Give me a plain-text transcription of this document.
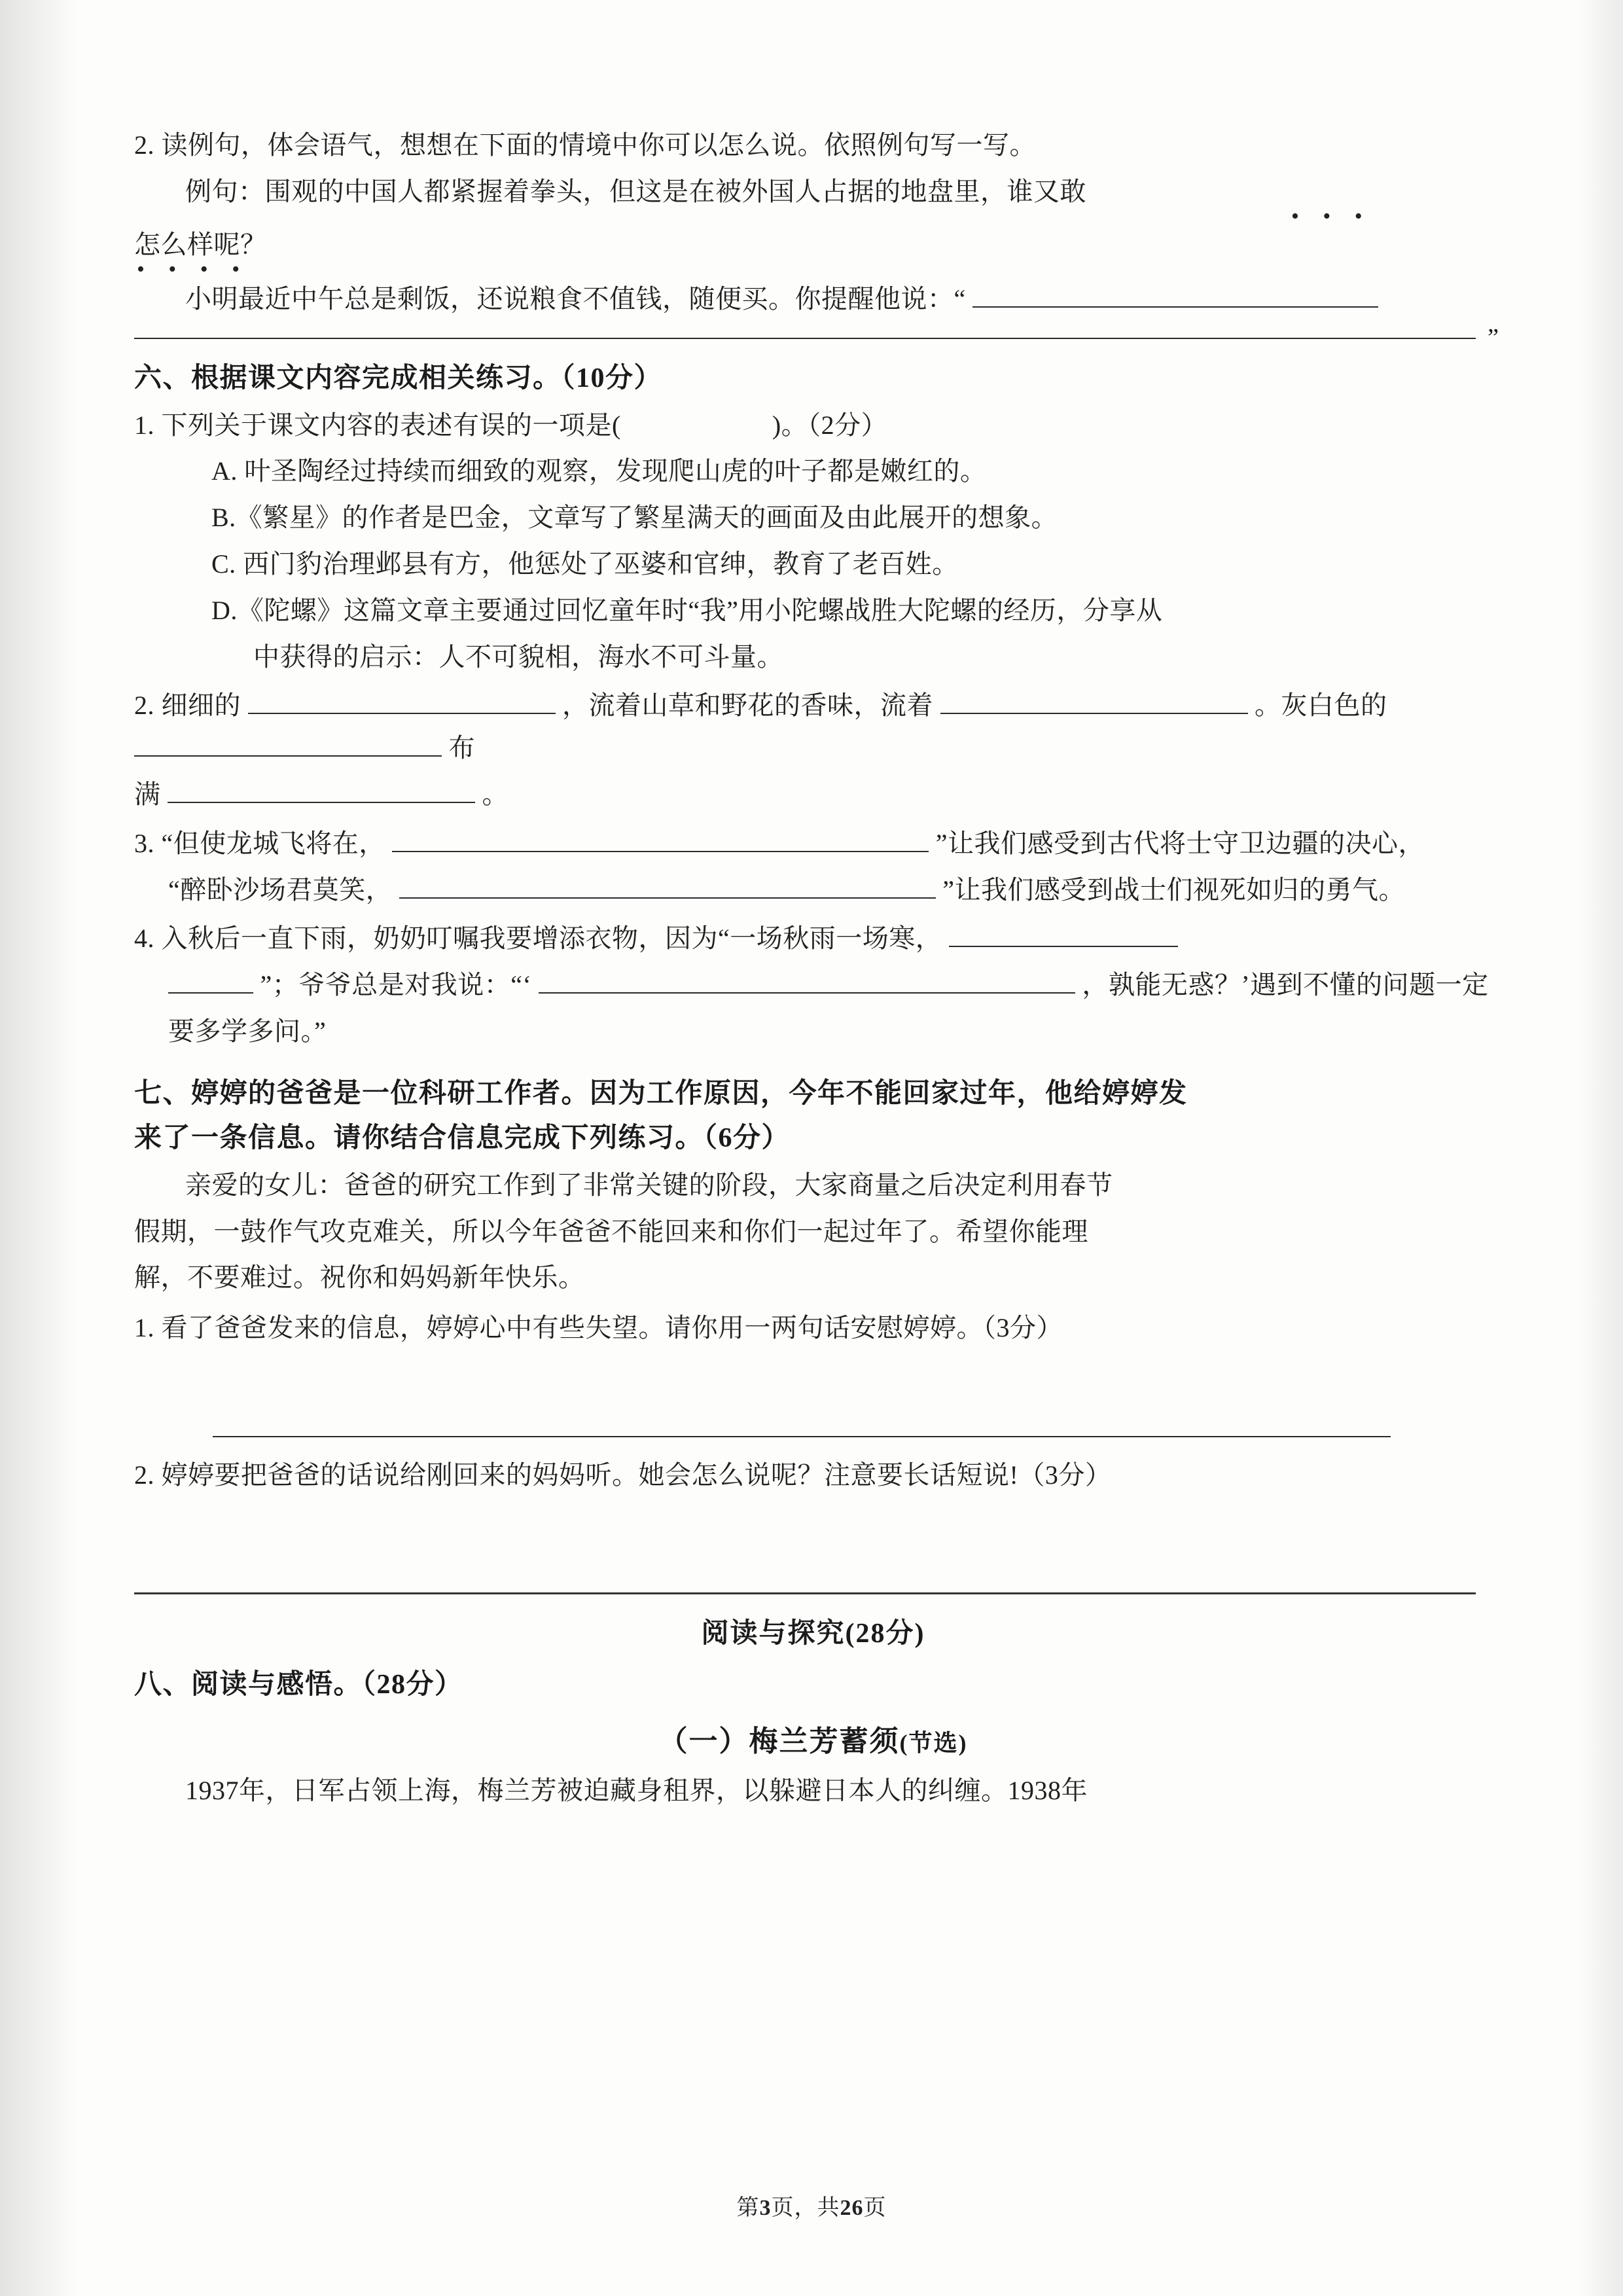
2. 读例句，体会语气，想想在下面的情境中你可以怎么说。依照例句写一写。
例句：围观的中国人都紧握着拳头，但这是在被外国人占据的地盘里，谁又敢
• • •
怎么样呢？
• • • •
小明最近中午总是剩饭，还说粮食不值钱，随便买。你提醒他说：“
”
六、根据课文内容完成相关练习。（10分）
1. 下列关于课文内容的表述有误的一项是(	)。（2分）
A. 叶圣陶经过持续而细致的观察，发现爬山虎的叶子都是嫩红的。
B.《繁星》的作者是巴金，文章写了繁星满天的画面及由此展开的想象。
C. 西门豹治理邺县有方，他惩处了巫婆和官绅，教育了老百姓。
D.《陀螺》这篇文章主要通过回忆童年时“我”用小陀螺战胜大陀螺的经历，分享从
中获得的启示：人不可貌相，海水不可斗量。
2. 细细的	，流着山草和野花的香味，流着	。灰白色的  布
满	。
3. “但使龙城飞将在，	”让我们感受到古代将士守卫边疆的决心，
“醉卧沙场君莫笑，	”让我们感受到战士们视死如归的勇气。
4. 入秋后一直下雨，奶奶叮嘱我要增添衣物，因为“一场秋雨一场寒，
”；爷爷总是对我说：“‘	，孰能无惑？’遇到不懂的问题一定
要多学多问。”
七、婷婷的爸爸是一位科研工作者。因为工作原因，今年不能回家过年，他给婷婷发
来了一条信息。请你结合信息完成下列练习。（6分）
亲爱的女儿：爸爸的研究工作到了非常关键的阶段，大家商量之后决定利用春节
假期，一鼓作气攻克难关，所以今年爸爸不能回来和你们一起过年了。希望你能理
解，不要难过。祝你和妈妈新年快乐。
1. 看了爸爸发来的信息，婷婷心中有些失望。请你用一两句话安慰婷婷。（3分）
2. 婷婷要把爸爸的话说给刚回来的妈妈听。她会怎么说呢？注意要长话短说!（3分）
阅读与探究(28分)
八、阅读与感悟。（28分）
（一）梅兰芳蓄须(节选)
1937年，日军占领上海，梅兰芳被迫藏身租界，以躲避日本人的纠缠。1938年
第3页，共26页
